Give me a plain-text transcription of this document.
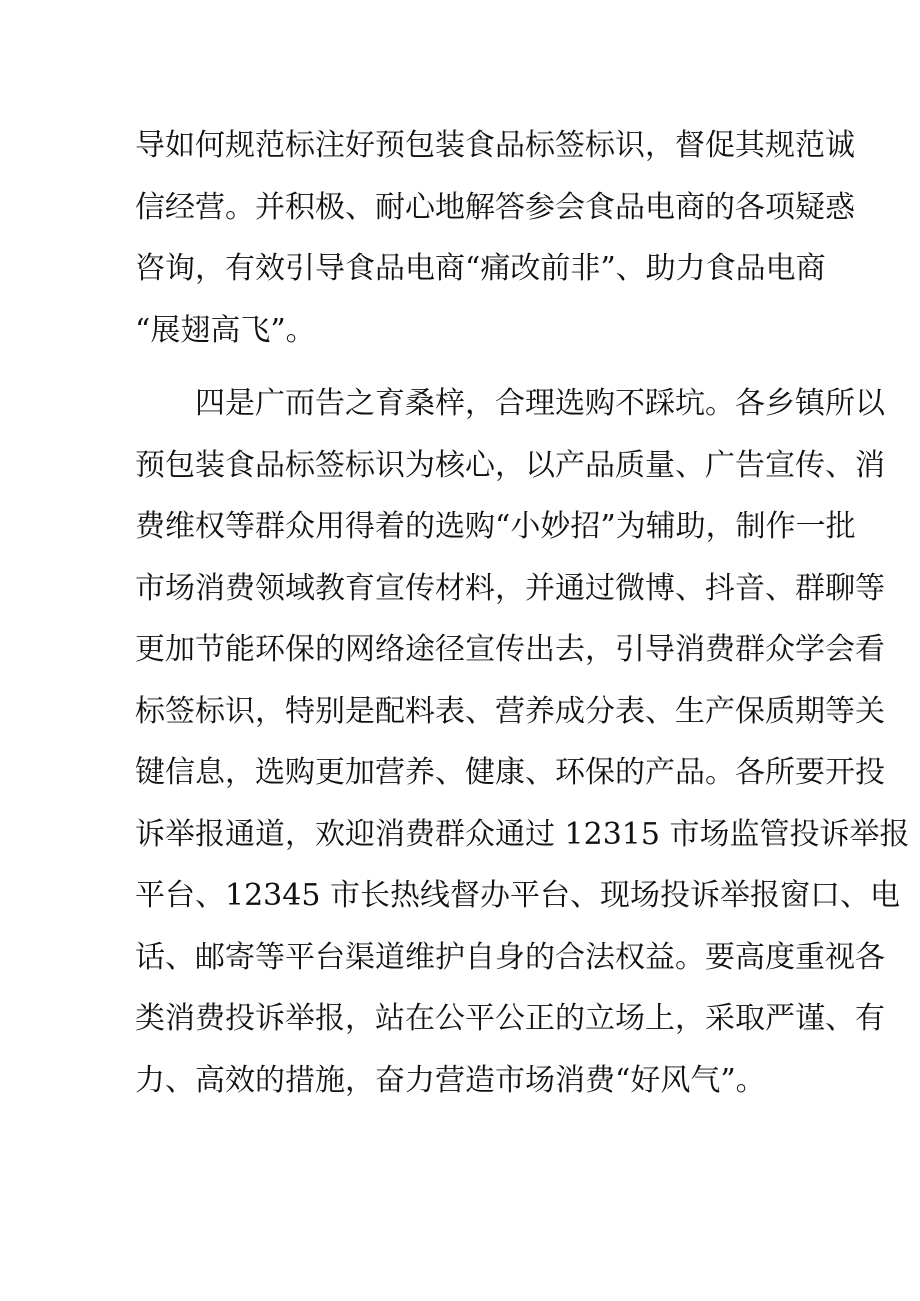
导如何规范标注好预包装食品标签标识，督促其规范诚
信经营。并积极、耐心地解答参会食品电商的各项疑惑
咨询，有效引导食品电商“痛改前非”、助力食品电商
“展翅高飞”。
四是广而告之育桑梓，合理选购不踩坑。各乡镇所以
预包装食品标签标识为核心，以产品质量、广告宣传、消
费维权等群众用得着的选购“小妙招”为辅助，制作一批
市场消费领域教育宣传材料，并通过微博、抖音、群聊等
更加节能环保的网络途径宣传出去，引导消费群众学会看
标签标识，特别是配料表、营养成分表、生产保质期等关
键信息，选购更加营养、健康、环保的产品。各所要开投
诉举报通道，欢迎消费群众通过 12315 市场监管投诉举报
平台、12345 市长热线督办平台、现场投诉举报窗口、电
话、邮寄等平台渠道维护自身的合法权益。要高度重视各
类消费投诉举报，站在公平公正的立场上，采取严谨、有
力、高效的措施，奋力营造市场消费“好风气”。
